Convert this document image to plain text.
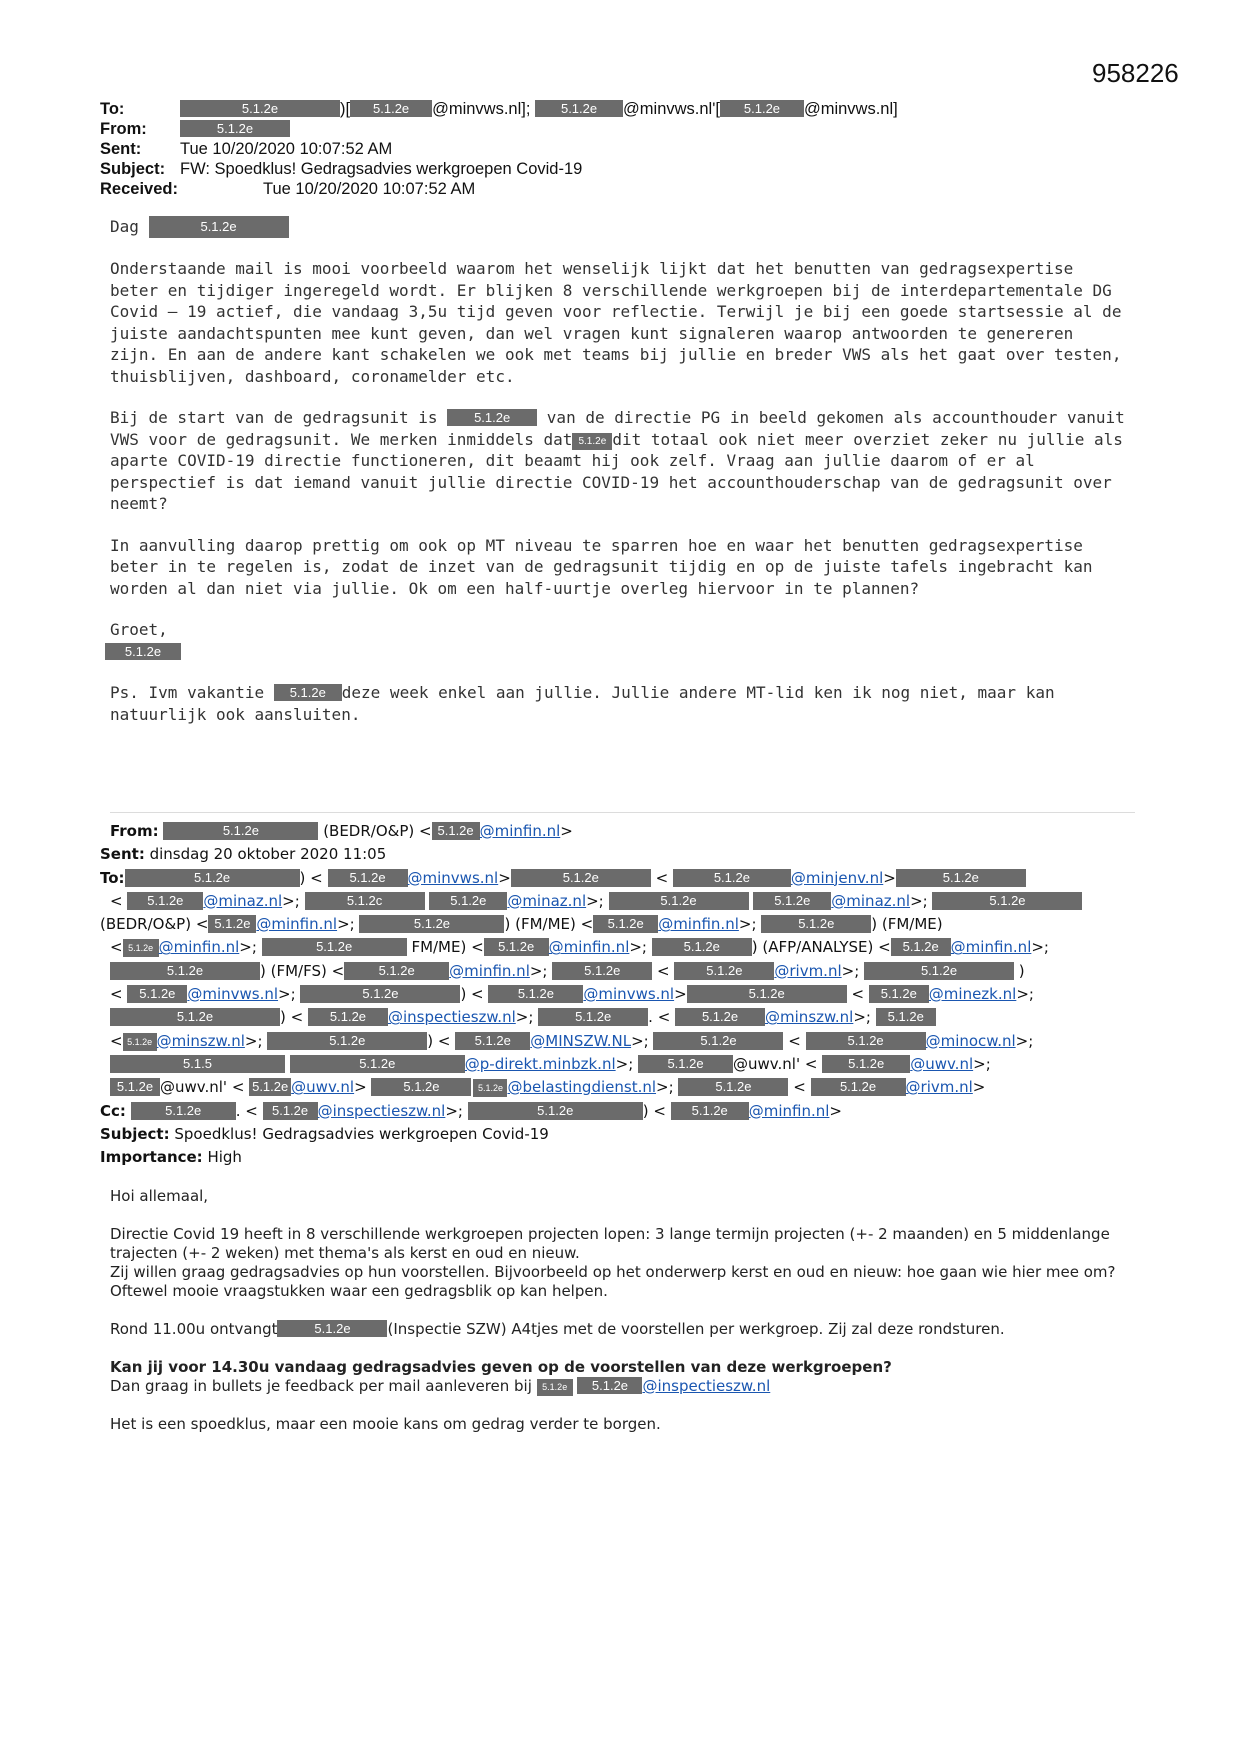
958226
To:	5.1.2e	)[ 5.1.2e @minvws.nl]; 5.1.2e @minvws.nl'[ 5.1.2e @minvws.nl]
From:	5.1.2e
Sent:	Tue 10/20/2020 10:07:52 AM
Subject: FW: Spoedklus! Gedragsadvies werkgroepen Covid-19
Received:	Tue 10/20/2020 10:07:52 AM

Dag	5.1.2e

Onderstaande mail is mooi voorbeeld waarom het wenselijk lijkt dat het benutten van gedragsexpertise beter en tijdiger ingeregeld wordt. Er blijken 8 verschillende werkgroepen bij de interdepartementale DG Covid – 19 actief, die vandaag 3,5u tijd geven voor reflectie. Terwijl je bij een goede startsessie al de juiste aandachtspunten mee kunt geven, dan wel vragen kunt signaleren waarop antwoorden te genereren zijn. En aan de andere kant schakelen we ook met teams bij jullie en breder VWS als het gaat over testen, thuisblijven, dashboard, coronamelder etc.

Bij de start van de gedragsunit is	5.1.2e van de directie PG in beeld gekomen als accounthouder vanuit VWS voor de gedragsunit. We merken inmiddels dat 5.1.2e dit totaal ook niet meer overziet zeker nu jullie als aparte COVID-19 directie functioneren, dit beaamt hij ook zelf. Vraag aan jullie daarom of er al perspectief is dat iemand vanuit jullie directie COVID-19 het accounthouderschap van de gedragsunit over neemt?

In aanvulling daarop prettig om ook op MT niveau te sparren hoe en waar het benutten gedragsexpertise beter in te regelen is, zodat de inzet van de gedragsunit tijdig en op de juiste tafels ingebracht kan worden al dan niet via jullie. Ok om een half-uurtje overleg hiervoor in te plannen?

Groet,
5.1.2e

Ps. Ivm vakantie 5.1.2e deze week enkel aan jullie. Jullie andere MT-lid ken ik nog niet, maar kan natuurlijk ook aansluiten.

From:	5.1.2e	(BEDR/O&P) < 5.1.2e @minfin.nl>
Sent: dinsdag 20 oktober 2020 11:05
To:	5.1.2e	) < 5.1.2e @minvws.nl>	5.1.2e	<	5.1.2e	@minjenv.nl>	5.1.2e
< 5.1.2e @minaz.nl>;	5.1.2c	5.1.2e @minaz.nl>;	5.1.2e	5.1.2e @minaz.nl>;	5.1.2e
(BEDR/O&P) < 5.1.2e @minfin.nl>;	5.1.2e	) (FM/ME) < 5.1.2e @minfin.nl>;	5.1.2e ) (FM/ME)
< 5.1.2e @minfin.nl>;	5.1.2e	FM/ME) < 5.1.2e @minfin.nl>; 5.1.2e ) (AFP/ANALYSE) < 5.1.2e @minfin.nl>;
5.1.2e	) (FM/FS) <	5.1.2e @minfin.nl>; 5.1.2e < 5.1.2e @rivm.nl>;	5.1.2e	)
< 5.1.2e @minvws.nl>;	5.1.2e	) < 5.1.2e @minvws.nl>	5.1.2e	< 5.1.2e @minezk.nl>;
5.1.2e	) < 5.1.2e @inspectieszw.nl>;	5.1.2e . < 5.1.2e @minszw.nl>; 5.1.2e
< 5.1.2e @minszw.nl>;	5.1.2e	) < 5.1.2e @MINSZW.NL>;	5.1.2e	<	5.1.2e	@minocw.nl>;
5.1.5	5.1.2e	@p-direkt.minbzk.nl>; 5.1.2e @uwv.nl' < 5.1.2e @uwv.nl>;
5.1.2e @uwv.nl' < 5.1.2e @uwv.nl> 5.1.2e	5.1.2e @belastingdienst.nl>;	5.1.2e < 5.1.2e @rivm.nl>
Cc:	5.1.2e . < 5.1.2e @inspectieszw.nl>;	5.1.2e	) < 5.1.2e @minfin.nl>
Subject: Spoedklus! Gedragsadvies werkgroepen Covid-19
Importance: High

Hoi allemaal,

Directie Covid 19 heeft in 8 verschillende werkgroepen projecten lopen: 3 lange termijn projecten (+- 2 maanden) en 5 middenlange trajecten (+- 2 weken) met thema's als kerst en oud en nieuw.
Zij willen graag gedragsadvies op hun voorstellen. Bijvoorbeeld op het onderwerp kerst en oud en nieuw: hoe gaan wie hier mee om?
Oftewel mooie vraagstukken waar een gedragsblik op kan helpen.

Rond 11.00u ontvangt	5.1.2e (Inspectie SZW) A4tjes met de voorstellen per werkgroep. Zij zal deze rondsturen.

Kan jij voor 14.30u vandaag gedragsadvies geven op de voorstellen van deze werkgroepen?
Dan graag in bullets je feedback per mail aanleveren bij 5.1.2e 5.1.2e @inspectieszw.nl

Het is een spoedklus, maar een mooie kans om gedrag verder te borgen.
